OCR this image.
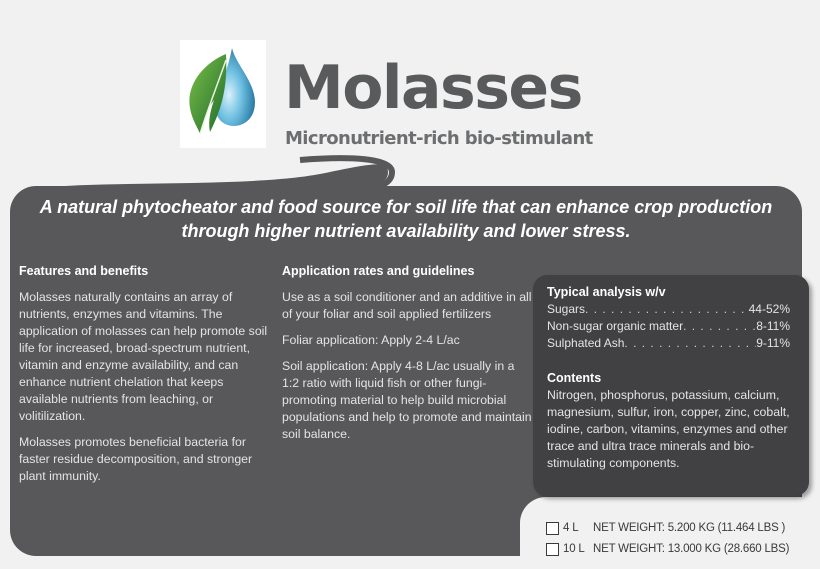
Molasses
Micronutrient-rich bio-stimulant
A natural phytocheator and food source for soil life that can enhance crop production through higher nutrient availability and lower stress.
Features and benefits

Molasses naturally contains an array of nutrients, enzymes and vitamins. The application of molasses can help promote soil life for increased, broad-spectrum nutrient, vitamin and enzyme availability, and can enhance nutrient chelation that keeps available nutrients from leaching, or volitilization.

Molasses promotes beneficial bacteria for faster residue decomposition, and stronger plant immunity.

Application rates and guidelines

Use as a soil conditioner and an additive in all of your foliar and soil applied fertilizers

Foliar application: Apply 2-4 L/ac

Soil application: Apply 4-8 L/ac usually in a 1:2 ratio with liquid fish or other fungi-promoting material to help build microbial populations and help to promote and maintain soil balance.

Typical analysis w/v
Sugars . . .	44-52%
Non-sugar organic matter . . .	8-11%
Sulphated Ash . . .	9-11%
Contents
Nitrogen, phosphorus, potassium, calcium, magnesium, sulfur, iron, copper, zinc, cobalt, iodine, carbon, vitamins, enzymes and other trace and ultra trace minerals and bio-stimulating components.
4 L	NET WEIGHT: 5.200 KG (11.464 LBS )
10 L NET WEIGHT: 13.000 KG (28.660 LBS)
